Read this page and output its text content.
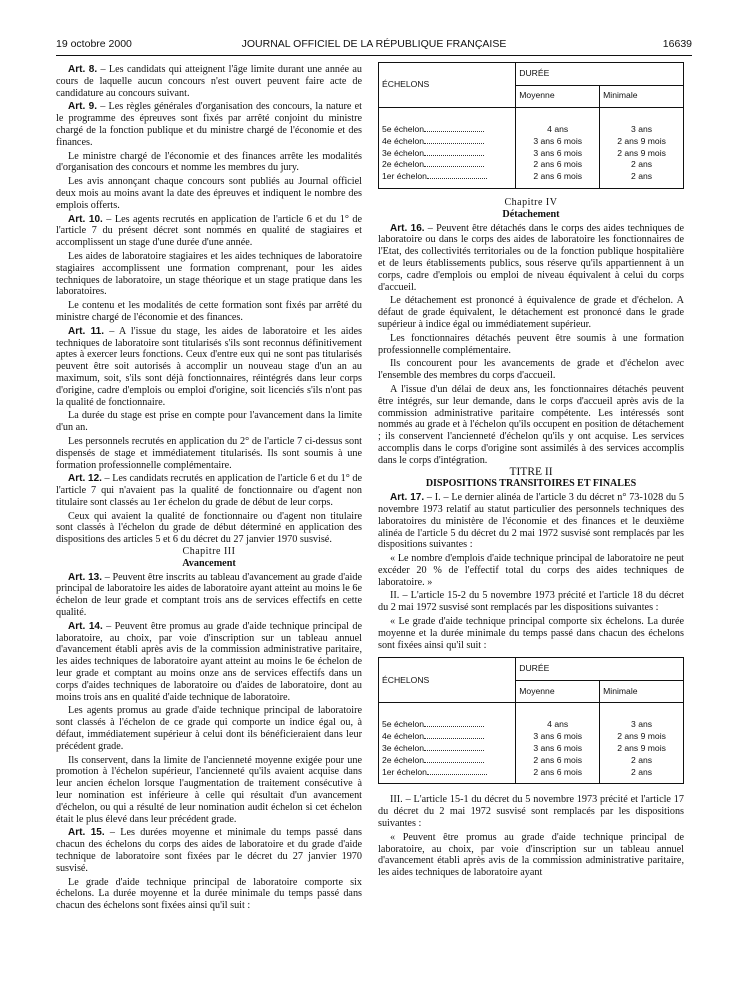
19 octobre 2000	JOURNAL OFFICIEL DE LA RÉPUBLIQUE FRANÇAISE	16639

Art. 8. – Les candidats qui atteignent l'âge limite durant une année au cours de laquelle aucun concours n'est ouvert peuvent faire acte de candidature au concours suivant.

Art. 9. – Les règles générales d'organisation des concours, la nature et le programme des épreuves sont fixés par arrêté conjoint du ministre chargé de la fonction publique et du ministre chargé de l'économie et des finances.

Le ministre chargé de l'économie et des finances arrête les modalités d'organisation des concours et nomme les membres du jury.

Les avis annonçant chaque concours sont publiés au Journal officiel deux mois au moins avant la date des épreuves et indiquent le nombre des emplois offerts.

Art. 10. – Les agents recrutés en application de l'article 6 et du 1° de l'article 7 du présent décret sont nommés en qualité de stagiaires et accomplissent un stage d'une durée d'une année.

Les aides de laboratoire stagiaires et les aides techniques de laboratoire stagiaires accomplissent une formation comprenant, pour les aides techniques de laboratoire, un stage théorique et un stage pratique dans les laboratoires.

Le contenu et les modalités de cette formation sont fixés par arrêté du ministre chargé de l'économie et des finances.

Art. 11. – A l'issue du stage, les aides de laboratoire et les aides techniques de laboratoire sont titularisés s'ils sont reconnus définitivement aptes à exercer leurs fonctions. Ceux d'entre eux qui ne sont pas titularisés peuvent être soit autorisés à accomplir un nouveau stage d'un an au maximum, soit, s'ils sont déjà fonctionnaires, réintégrés dans leur corps d'origine, cadre d'emplois ou emploi d'origine, soit licenciés s'ils n'ont pas la qualité de fonctionnaire.

La durée du stage est prise en compte pour l'avancement dans la limite d'un an.

Les personnels recrutés en application du 2° de l'article 7 ci-dessus sont dispensés de stage et immédiatement titularisés. Ils sont soumis à une formation professionnelle complémentaire.

Art. 12. – Les candidats recrutés en application de l'article 6 et du 1° de l'article 7 qui n'avaient pas la qualité de fonctionnaire ou d'agent non titulaire sont classés au 1er échelon du grade de début de leur corps.

Ceux qui avaient la qualité de fonctionnaire ou d'agent non titulaire sont classés à l'échelon du grade de début déterminé en application des dispositions des articles 5 et 6 du décret du 27 janvier 1970 susvisé.

Chapitre III

Avancement

Art. 13. – Peuvent être inscrits au tableau d'avancement au grade d'aide principal de laboratoire les aides de laboratoire ayant atteint au moins le 6e échelon de leur grade et comptant trois ans de services effectifs en cette qualité.

Art. 14. – Peuvent être promus au grade d'aide technique principal de laboratoire, au choix, par voie d'inscription sur un tableau annuel d'avancement établi après avis de la commission administrative paritaire, les aides techniques de laboratoire ayant atteint au moins le 6e échelon de leur grade et comptant au moins onze ans de services effectifs dans un corps d'aides techniques de laboratoire ou d'aides de laboratoire, dont au moins trois ans en qualité d'aide technique de laboratoire.

Les agents promus au grade d'aide technique principal de laboratoire sont classés à l'échelon de ce grade qui comporte un indice égal ou, à défaut, immédiatement supérieur à celui dont ils bénéficieraient dans leur précédent grade.

Ils conservent, dans la limite de l'ancienneté moyenne exigée pour une promotion à l'échelon supérieur, l'ancienneté qu'ils avaient acquise dans leur ancien échelon lorsque l'augmentation de traitement consécutive à leur nomination est inférieure à celle qui résultait d'un avancement d'échelon, ou qui a résulté de leur nomination audit échelon si cet échelon était le plus élevé dans leur précédent grade.

Art. 15. – Les durées moyenne et minimale du temps passé dans chacun des échelons du corps des aides de laboratoire et du grade d'aide technique de laboratoire sont fixées par le décret du 27 janvier 1970 susvisé.

Le grade d'aide technique principal de laboratoire comporte six échelons. La durée moyenne et la durée minimale du temps passé dans chacun des échelons sont fixées ainsi qu'il suit :

ÉCHELONS	DURÉE	
	Moyenne	Minimale
5e échelon	4 ans	3 ans
4e échelon	3 ans 6 mois	2 ans 9 mois
3e échelon	3 ans 6 mois	2 ans 9 mois
2e échelon	2 ans 6 mois	2 ans
1er échelon	2 ans 6 mois	2 ans

Chapitre IV

Détachement

Art. 16. – Peuvent être détachés dans le corps des aides techniques de laboratoire ou dans le corps des aides de laboratoire les fonctionnaires de l'Etat, des collectivités territoriales ou de la fonction publique hospitalière et de leurs établissements publics, sous réserve qu'ils appartiennent à un corps, cadre d'emplois ou emploi de niveau équivalent à celui du corps d'accueil.

Le détachement est prononcé à équivalence de grade et d'échelon. A défaut de grade équivalent, le détachement est prononcé dans le grade supérieur à indice égal ou immédiatement supérieur.

Les fonctionnaires détachés peuvent être soumis à une formation professionnelle complémentaire.

Ils concourent pour les avancements de grade et d'échelon avec l'ensemble des membres du corps d'accueil.

A l'issue d'un délai de deux ans, les fonctionnaires détachés peuvent être intégrés, sur leur demande, dans le corps d'accueil après avis de la commission administrative paritaire compétente. Les intéressés sont nommés au grade et à l'échelon qu'ils occupent en position de détachement ; ils conservent l'ancienneté d'échelon qu'ils y ont acquise. Les services accomplis dans le corps d'origine sont assimilés à des services accomplis dans le corps d'intégration.

TITRE II

DISPOSITIONS TRANSITOIRES ET FINALES

Art. 17. – I. – Le dernier alinéa de l'article 3 du décret n° 73-1028 du 5 novembre 1973 relatif au statut particulier des personnels techniques des laboratoires du ministère de l'économie et des finances et le deuxième alinéa de l'article 5 du décret du 2 mai 1972 susvisé sont remplacés par les dispositions suivantes :

« Le nombre d'emplois d'aide technique principal de laboratoire ne peut excéder 20 % de l'effectif total du corps des aides techniques de laboratoire. »

II. – L'article 15-2 du 5 novembre 1973 précité et l'article 18 du décret du 2 mai 1972 susvisé sont remplacés par les dispositions suivantes :

« Le grade d'aide technique principal comporte six échelons. La durée moyenne et la durée minimale du temps passé dans chacun des échelons sont fixées ainsi qu'il suit :

ÉCHELONS	DURÉE	
	Moyenne	Minimale
5e échelon	4 ans	3 ans
4e échelon	3 ans 6 mois	2 ans 9 mois
3e échelon	3 ans 6 mois	2 ans 9 mois
2e échelon	2 ans 6 mois	2 ans
1er échelon	2 ans 6 mois	2 ans

III. – L'article 15-1 du décret du 5 novembre 1973 précité et l'article 17 du décret du 2 mai 1972 susvisé sont remplacés par les dispositions suivantes :

« Peuvent être promus au grade d'aide technique principal de laboratoire, au choix, par voie d'inscription sur un tableau annuel d'avancement établi après avis de la commission administrative paritaire, les aides techniques de laboratoire ayant
